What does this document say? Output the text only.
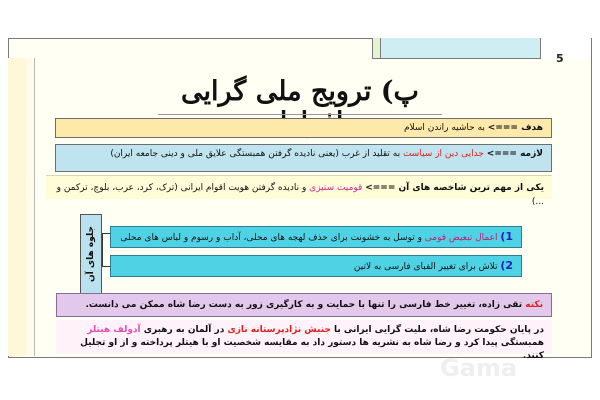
5
پ) ترویج ملی گرایی
هدف ===> به حاشیه راندن اسلام
لازمه ===> جدایی دین از سیاست به تقلید از غرب (یعنی نادیده گرفتن همبستگی علایق ملی و دینی جامعه ایران)
یکی از مهم ترین شاخصه های آن ===> قومیت ستیزی و نادیده گرفتن هویت اقوام ایرانی (ترک، کرد، عرب، بلوچ، ترکمن و ...)
جلوه های آن	1) اعمال تبعیض قومی و توسل به خشونت برای حذف لهجه های محلی، آداب و رسوم و لباس های محلی
2) تلاش برای تغییر الفبای فارسی به لاتین
نکته تقی زاده، تغییر خط فارسی را تنها با حمایت و به کارگیری زور به دست رضا شاه ممکن می دانست.
در پایان حکومت رضا شاه، ملیت گرایی ایرانی با جنبش نژادپرستانه نازی در آلمان به رهبری آدولف هیتلر همبستگی پیدا کرد و رضا شاه به نشریه ها دستور داد به مقایسه شخصیت او با هیتلر پرداخته و از او تجلیل کنند.
Gama
